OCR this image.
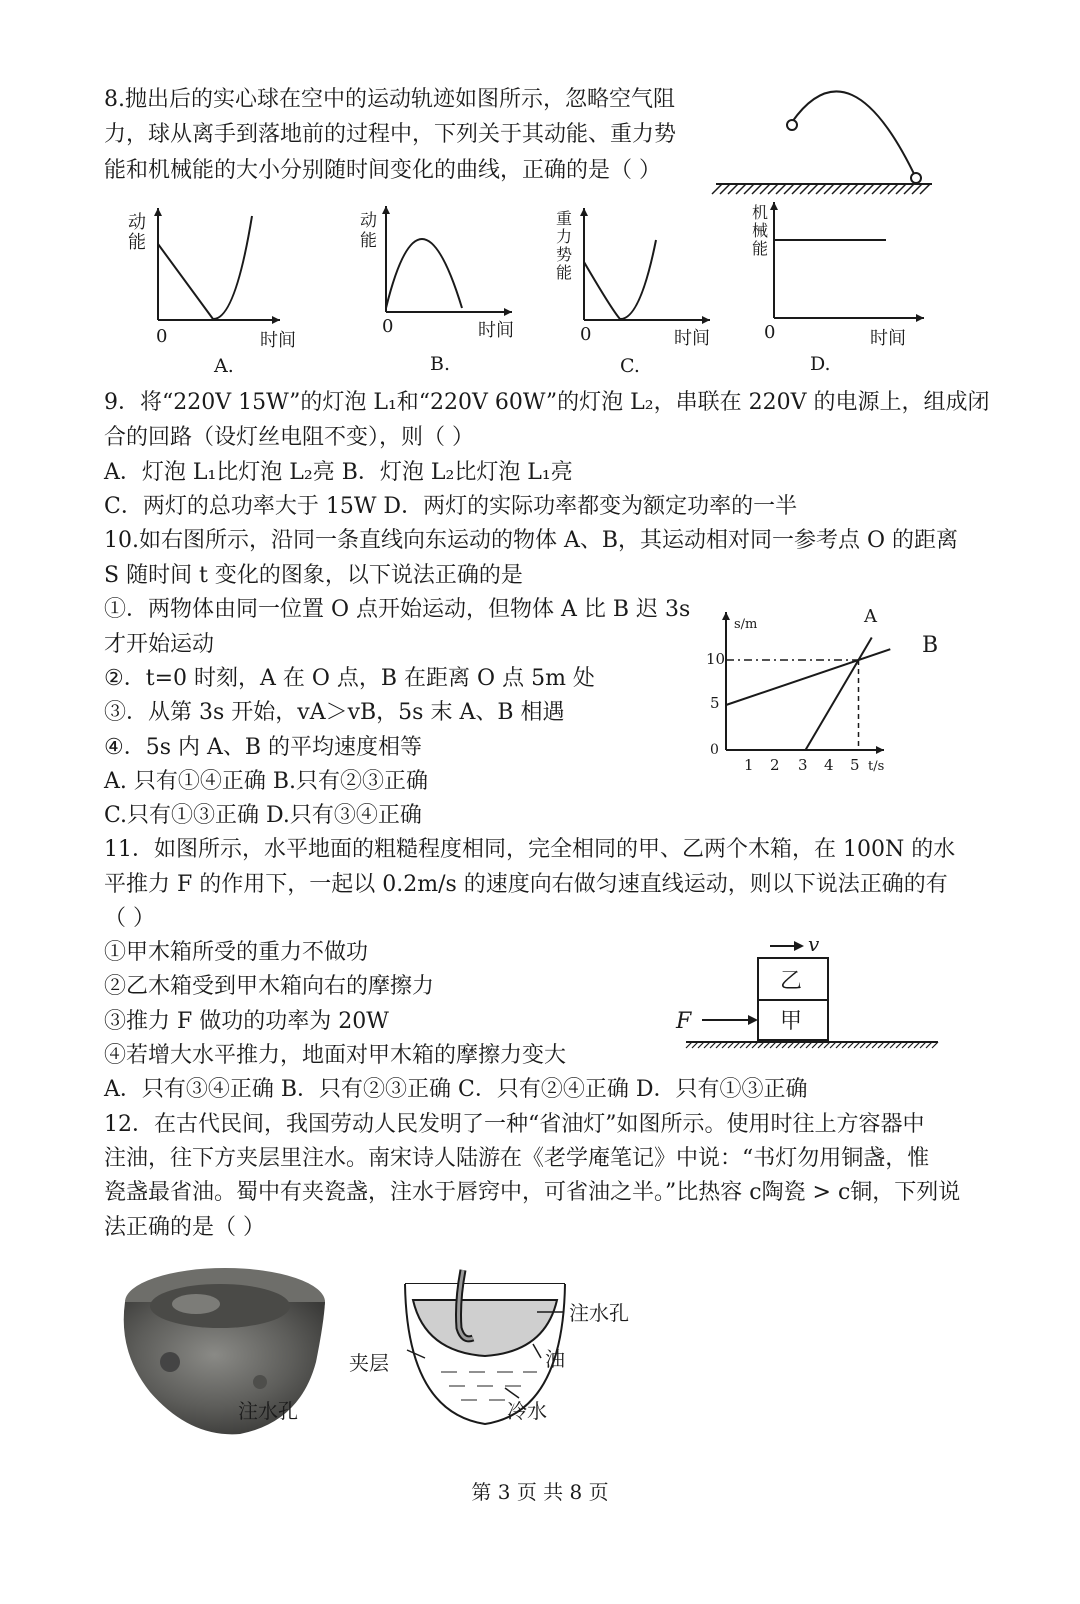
8.抛出后的实心球在空中的运动轨迹如图所示，忽略空气阻
力，球从离手到落地前的过程中，下列关于其动能、重力势
能和机械能的大小分别随时间变化的曲线，正确的是（ ）
动
能
0	时间
A.
动
能
0	时间
B.
重
力
势
能
0	时间
C.
机
械
能
0	时间
D.
9．将“220V 15W”的灯泡 L₁和“220V 60W”的灯泡 L₂，串联在 220V 的电源上，组成闭
合的回路（设灯丝电阻不变），则（ ）
A．灯泡 L₁比灯泡 L₂亮 B．灯泡 L₂比灯泡 L₁亮
C．两灯的总功率大于 15W D．两灯的实际功率都变为额定功率的一半
10.如右图所示，沿同一条直线向东运动的物体 A、B，其运动相对同一参考点 O 的距离
S 随时间 t 变化的图象，以下说法正确的是
①．两物体由同一位置 O 点开始运动，但物体 A 比 B 迟 3s
才开始运动
②．t=0 时刻，A 在 O 点，B 在距离 O 点 5m 处
③．从第 3s 开始，vA＞vB，5s 末 A、B 相遇
④．5s 内 A、B 的平均速度相等
A. 只有①④正确 B.只有②③正确
C.只有①③正确 D.只有③④正确
s/m
t/s
0
10
5
1 2 3 4 5
A
B
11．如图所示，水平地面的粗糙程度相同，完全相同的甲、乙两个木箱，在 100N 的水
平推力 F 的作用下，一起以 0.2m/s 的速度向右做匀速直线运动，则以下说法正确的有
（ ）
①甲木箱所受的重力不做功
②乙木箱受到甲木箱向右的摩擦力
③推力 F 做功的功率为 20W
④若增大水平推力，地面对甲木箱的摩擦力变大
A．只有③④正确 B．只有②③正确 C．只有②④正确 D．只有①③正确
v
乙
甲
F
12．在古代民间，我国劳动人民发明了一种“省油灯”如图所示。使用时往上方容器中
注油，往下方夹层里注水。南宋诗人陆游在《老学庵笔记》中说：“书灯勿用铜盏，惟
瓷盏最省油。蜀中有夹瓷盏，注水于唇窍中，可省油之半。”比热容 c陶瓷 > c铜，下列说
法正确的是（ ）
注水孔
注水孔
油
夹层
冷水
第 3 页 共 8 页
